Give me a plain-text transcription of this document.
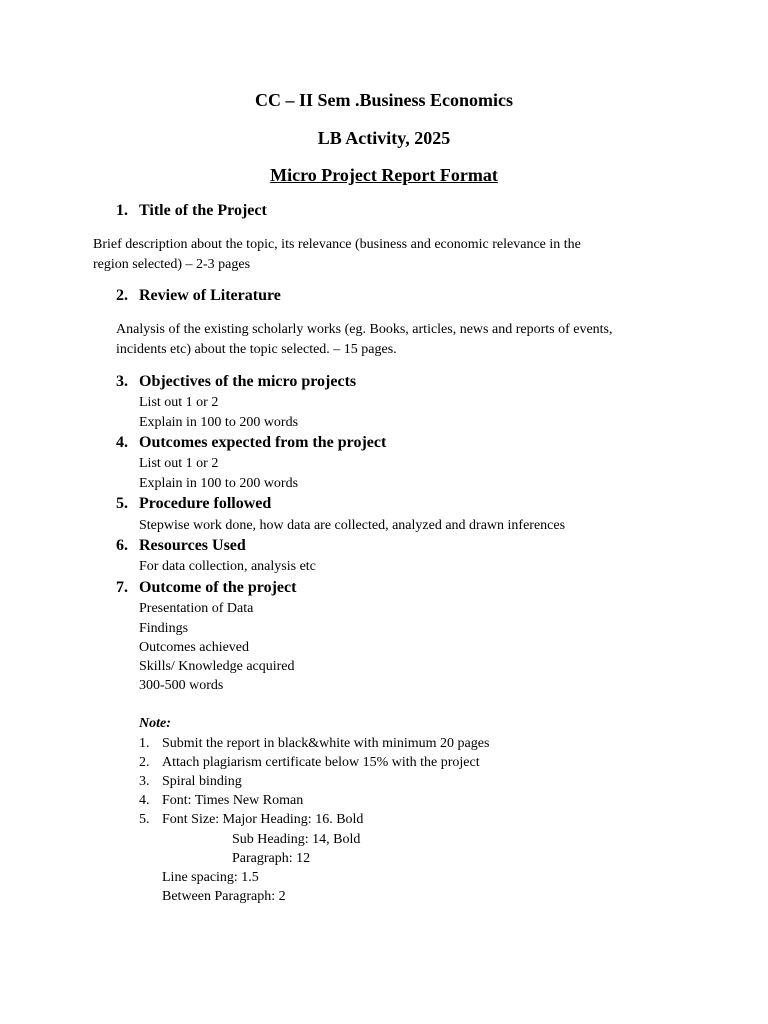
CC – II Sem .Business Economics
LB Activity, 2025
Micro Project Report Format
1. Title of the Project
Brief description about the topic, its relevance (business and economic relevance in the
region selected) – 2-3 pages
2. Review of Literature
Analysis of the existing scholarly works (eg. Books, articles, news and reports of events,
incidents etc) about the topic selected. – 15 pages.
3. Objectives of the micro projects
List out 1 or 2
Explain in 100 to 200 words
4. Outcomes expected from the project
List out 1 or 2
Explain in 100 to 200 words
5. Procedure followed
Stepwise work done, how data are collected, analyzed and drawn inferences
6. Resources Used
For data collection, analysis etc
7. Outcome of the project
Presentation of Data
Findings
Outcomes achieved
Skills/ Knowledge acquired
300-500 words
Note:
1. Submit the report in black&white with minimum 20 pages
2. Attach plagiarism certificate below 15% with the project
3. Spiral binding
4. Font: Times New Roman
5. Font Size: Major Heading: 16. Bold
Sub Heading: 14, Bold
Paragraph: 12
Line spacing: 1.5
Between Paragraph: 2
